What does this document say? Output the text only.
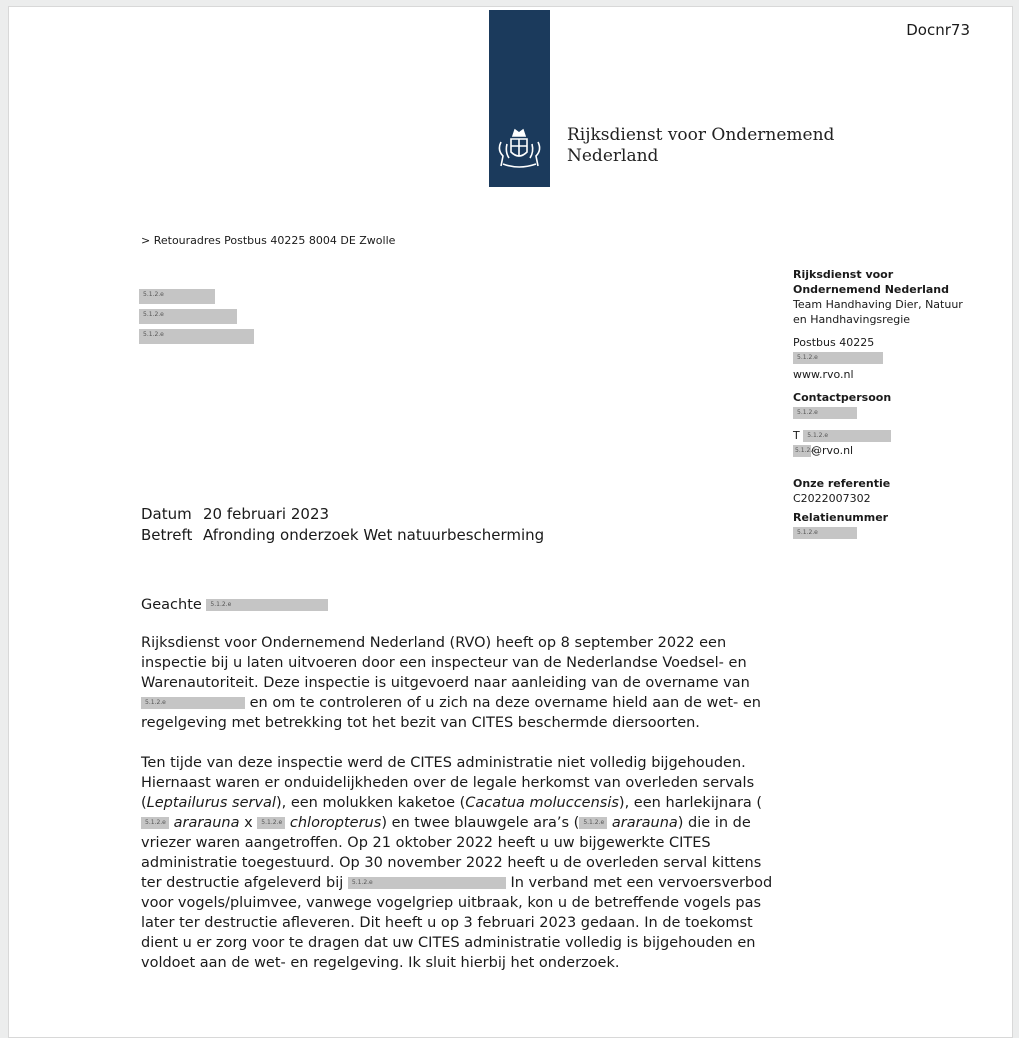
Docnr73
Rijksdienst voor Ondernemend
Nederland
> Retouradres Postbus 40225 8004 DE Zwolle
5.1.2.e
5.1.2.e
5.1.2.e
Rijksdienst voor
Ondernemend Nederland
Team Handhaving Dier, Natuur
en Handhavingsregie
Postbus 40225
5.1.2.e
www.rvo.nl
Contactpersoon
5.1.2.e
T 5.1.2.e
5.1.2.e@rvo.nl
Onze referentie
C2022007302
Relatienummer
5.1.2.e
Datum 20 februari 2023
Betreft Afronding onderzoek Wet natuurbescherming

Geachte 5.1.2.e

Rijksdienst voor Ondernemend Nederland (RVO) heeft op 8 september 2022 een inspectie bij u laten uitvoeren door een inspecteur van de Nederlandse Voedsel- en Warenautoriteit. Deze inspectie is uitgevoerd naar aanleiding van de overname van 5.1.2.e	en om te controleren of u zich na deze overname hield aan de wet- en regelgeving met betrekking tot het bezit van CITES beschermde diersoorten.

Ten tijde van deze inspectie werd de CITES administratie niet volledig bijgehouden. Hiernaast waren er onduidelijkheden over de legale herkomst van overleden servals (Leptailurus serval), een molukken kaketoe (Cacatua moluccensis), een harlekijnara (5.1.2.e ararauna x 5.1.2.e chloropterus) en twee blauwgele ara’s ( 5.1.2.e ararauna) die in de vriezer waren aangetroffen. Op 21 oktober 2022 heeft u uw bijgewerkte CITES administratie toegestuurd. Op 30 november 2022 heeft u de overleden serval kittens ter destructie afgeleverd bij 5.1.2.e	In verband met een vervoersverbod voor vogels/pluimvee, vanwege vogelgriep uitbraak, kon u de betreffende vogels pas later ter destructie afleveren. Dit heeft u op 3 februari 2023 gedaan. In de toekomst dient u er zorg voor te dragen dat uw CITES administratie volledig is bijgehouden en voldoet aan de wet- en regelgeving. Ik sluit hierbij het onderzoek.
